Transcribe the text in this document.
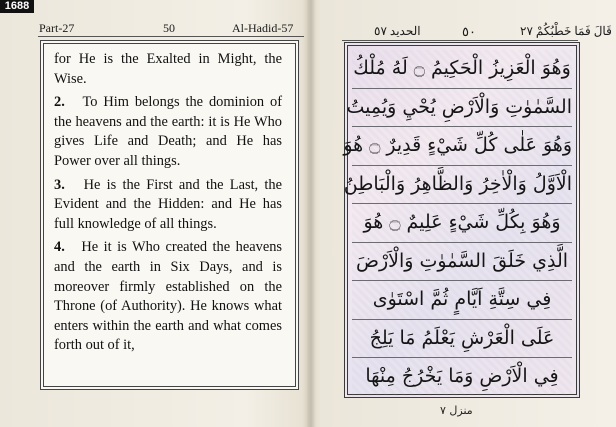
1688
Part-27	50	Al-Hadid-57

for He is the Exalted in Might, the Wise.

2. To Him belongs the dominion of the heavens and the earth: it is He Who gives Life and Death; and He has Power over all things.

3. He is the First and the Last, the Evident and the Hidden: and He has full knowledge of all things.

4. He it is Who created the heavens and the earth in Six Days, and is moreover firmly established on the Throne (of Authority). He knows what enters within the earth and what comes forth out of it,

الحديد ٥٧	٥٠	قَالَ فَمَا خَطْبُكُمْ ٢٧
وَهُوَ الْعَزِيزُ الْحَكِيمُ ۝ لَهُ مُلْكُ
السَّمٰوٰتِ وَالْاَرْضِ يُحْيِ وَيُمِيتُ
وَهُوَ عَلٰى كُلِّ شَيْءٍ قَدِيرٌ ۝ هُوَ
الْاَوَّلُ وَالْاٰخِرُ وَالظَّاهِرُ وَالْبَاطِنُ
وَهُوَ بِكُلِّ شَيْءٍ عَلِيمٌ ۝ هُوَ
الَّذِي خَلَقَ السَّمٰوٰتِ وَالْاَرْضَ
فِي سِتَّةِ اَيَّامٍ ثُمَّ اسْتَوٰى
عَلَى الْعَرْشِ يَعْلَمُ مَا يَلِجُ
فِي الْاَرْضِ وَمَا يَخْرُجُ مِنْهَا
منزل ٧
